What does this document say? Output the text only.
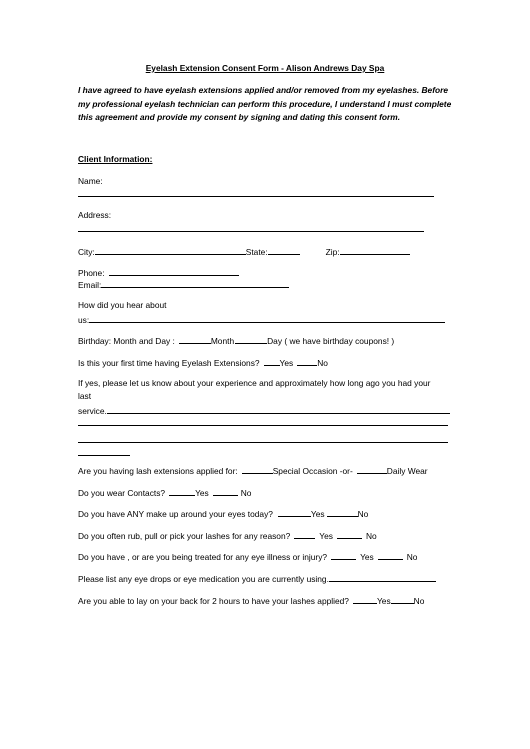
Eyelash Extension Consent Form - Alison Andrews Day Spa
I have agreed to have eyelash extensions applied and/or removed from my eyelashes. Before
my professional eyelash technician can perform this procedure, I understand I must complete
this agreement and provide my consent by signing and dating this consent form.
Client Information:
Name:
Address:
City:	State:	Zip:
Phone:
Email:
How did you hear about
us:
Birthday: Month and Day :	Month	Day ( we have birthday coupons! )
Is this your first time having Eyelash Extensions? Yes	No
If yes, please let us know about your experience and approximately how long ago you had your
last
service.
Are you having lash extensions applied for:	Special Occasion -or-	Daily Wear
Do you wear Contacts?	Yes	No
Do you have ANY make up around your eyes today?	Yes	No
Do you often rub, pull or pick your lashes for any reason?	Yes	No
Do you have , or are you being treated for any eye illness or injury?	Yes	No
Please list any eye drops or eye medication you are currently using.
Are you able to lay on your back for 2 hours to have your lashes applied?	Yes	No
